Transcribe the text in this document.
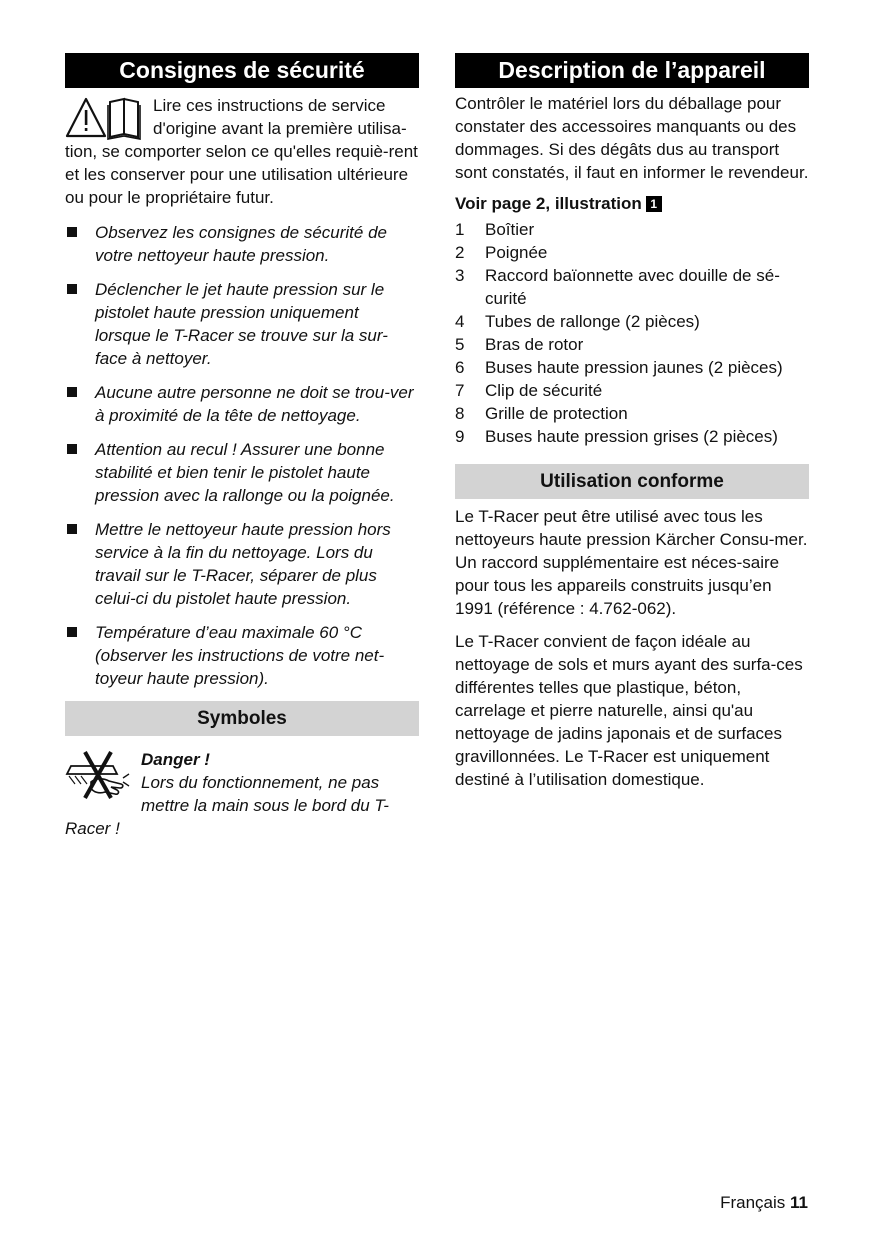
Consignes de sécurité

Lire ces instructions de service
d'origine avant la première utilisa- tion, se comporter selon ce qu'elles requiè-rent et les conserver pour une utilisation ultérieure ou pour le propriétaire futur.

Observez les consignes de sécurité de votre nettoyeur haute pression.
Déclencher le jet haute pression sur le pistolet haute pression uniquement lorsque le T-Racer se trouve sur la sur-face à nettoyer.
Aucune autre personne ne doit se trou-ver à proximité de la tête de nettoyage.
Attention au recul ! Assurer une bonne stabilité et bien tenir le pistolet haute pression avec la rallonge ou la poignée.
Mettre le nettoyeur haute pression hors service à la fin du nettoyage. Lors du travail sur le T-Racer, séparer de plus celui-ci du pistolet haute pression.
Température d’eau maximale 60 °C (observer les instructions de votre net-toyeur haute pression).
Symboles

Danger !

Lors du fonctionnement, ne pas mettre la main sous le bord du T-Racer !

Description de l’appareil

Contrôler le matériel lors du déballage pour constater des accessoires manquants ou des dommages. Si des dégâts dus au transport sont constatés, il faut en informer le revendeur.

Voir page 2, illustration 1
1 Boîtier
2 Poignée
3 Raccord baïonnette avec douille de sé-curité
4 Tubes de rallonge (2 pièces)
5 Bras de rotor
6 Buses haute pression jaunes (2 pièces)
7 Clip de sécurité
8 Grille de protection
9 Buses haute pression grises (2 pièces)
Utilisation conforme

Le T-Racer peut être utilisé avec tous les nettoyeurs haute pression Kärcher Consu-mer. Un raccord supplémentaire est néces-saire pour tous les appareils construits jusqu’en 1991 (référence : 4.762-062).

Le T-Racer convient de façon idéale au nettoyage de sols et murs ayant des surfa-ces différentes telles que plastique, béton, carrelage et pierre naturelle, ainsi qu'au nettoyage de jadins japonais et de surfaces gravillonnées. Le T-Racer est uniquement destiné à l’utilisation domestique.

Français 11
